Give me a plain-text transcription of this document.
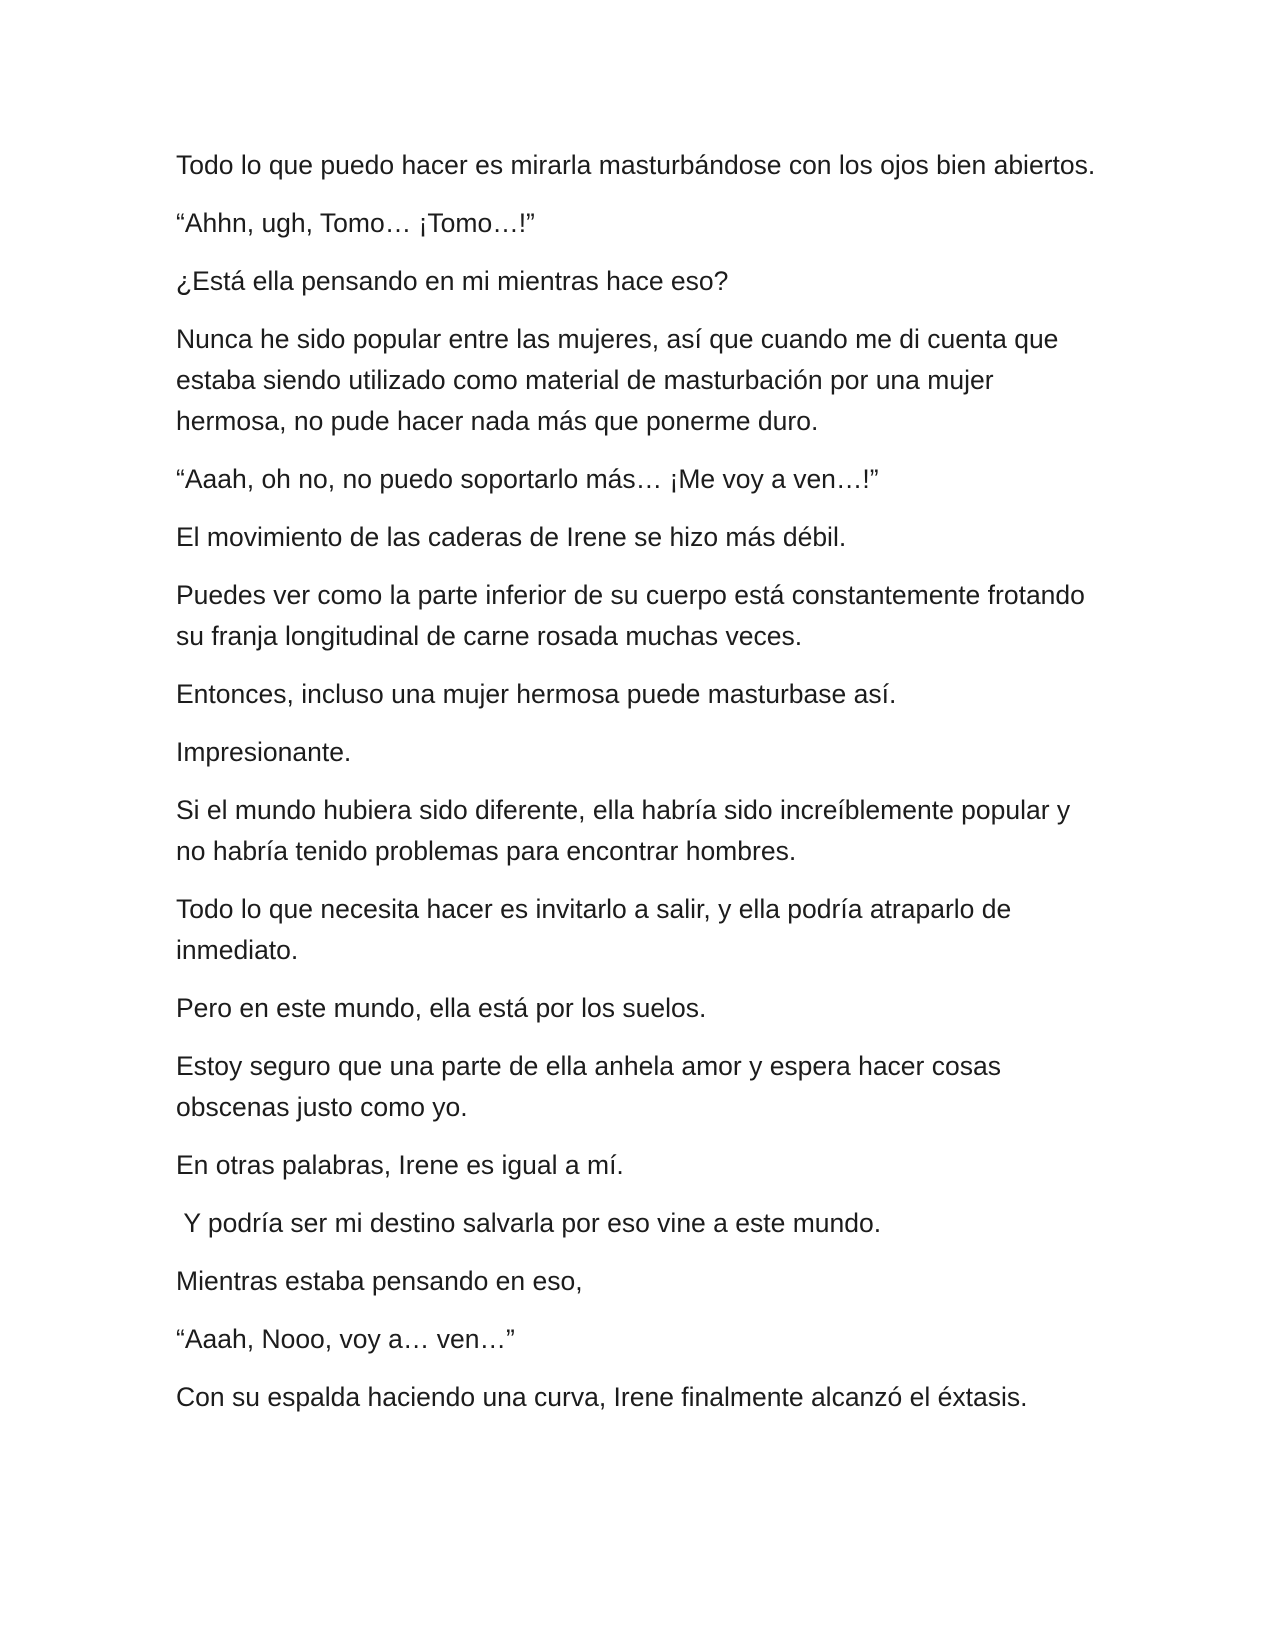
Todo lo que puedo hacer es mirarla masturbándose con los ojos bien abiertos.

“Ahhn, ugh, Tomo… ¡Tomo…!”

¿Está ella pensando en mi mientras hace eso?

Nunca he sido popular entre las mujeres, así que cuando me di cuenta que estaba siendo utilizado como material de masturbación por una mujer hermosa, no pude hacer nada más que ponerme duro.

“Aaah, oh no, no puedo soportarlo más… ¡Me voy a ven…!”

El movimiento de las caderas de Irene se hizo más débil.

Puedes ver como la parte inferior de su cuerpo está constantemente frotando su franja longitudinal de carne rosada muchas veces.

Entonces, incluso una mujer hermosa puede masturbase así.

Impresionante.

Si el mundo hubiera sido diferente, ella habría sido increíblemente popular y no habría tenido problemas para encontrar hombres.

Todo lo que necesita hacer es invitarlo a salir, y ella podría atraparlo de inmediato.

Pero en este mundo, ella está por los suelos.

Estoy seguro que una parte de ella anhela amor y espera hacer cosas obscenas justo como yo.

En otras palabras, Irene es igual a mí.

Y podría ser mi destino salvarla por eso vine a este mundo.

Mientras estaba pensando en eso,

“Aaah, Nooo, voy a… ven…”

Con su espalda haciendo una curva, Irene finalmente alcanzó el éxtasis.
